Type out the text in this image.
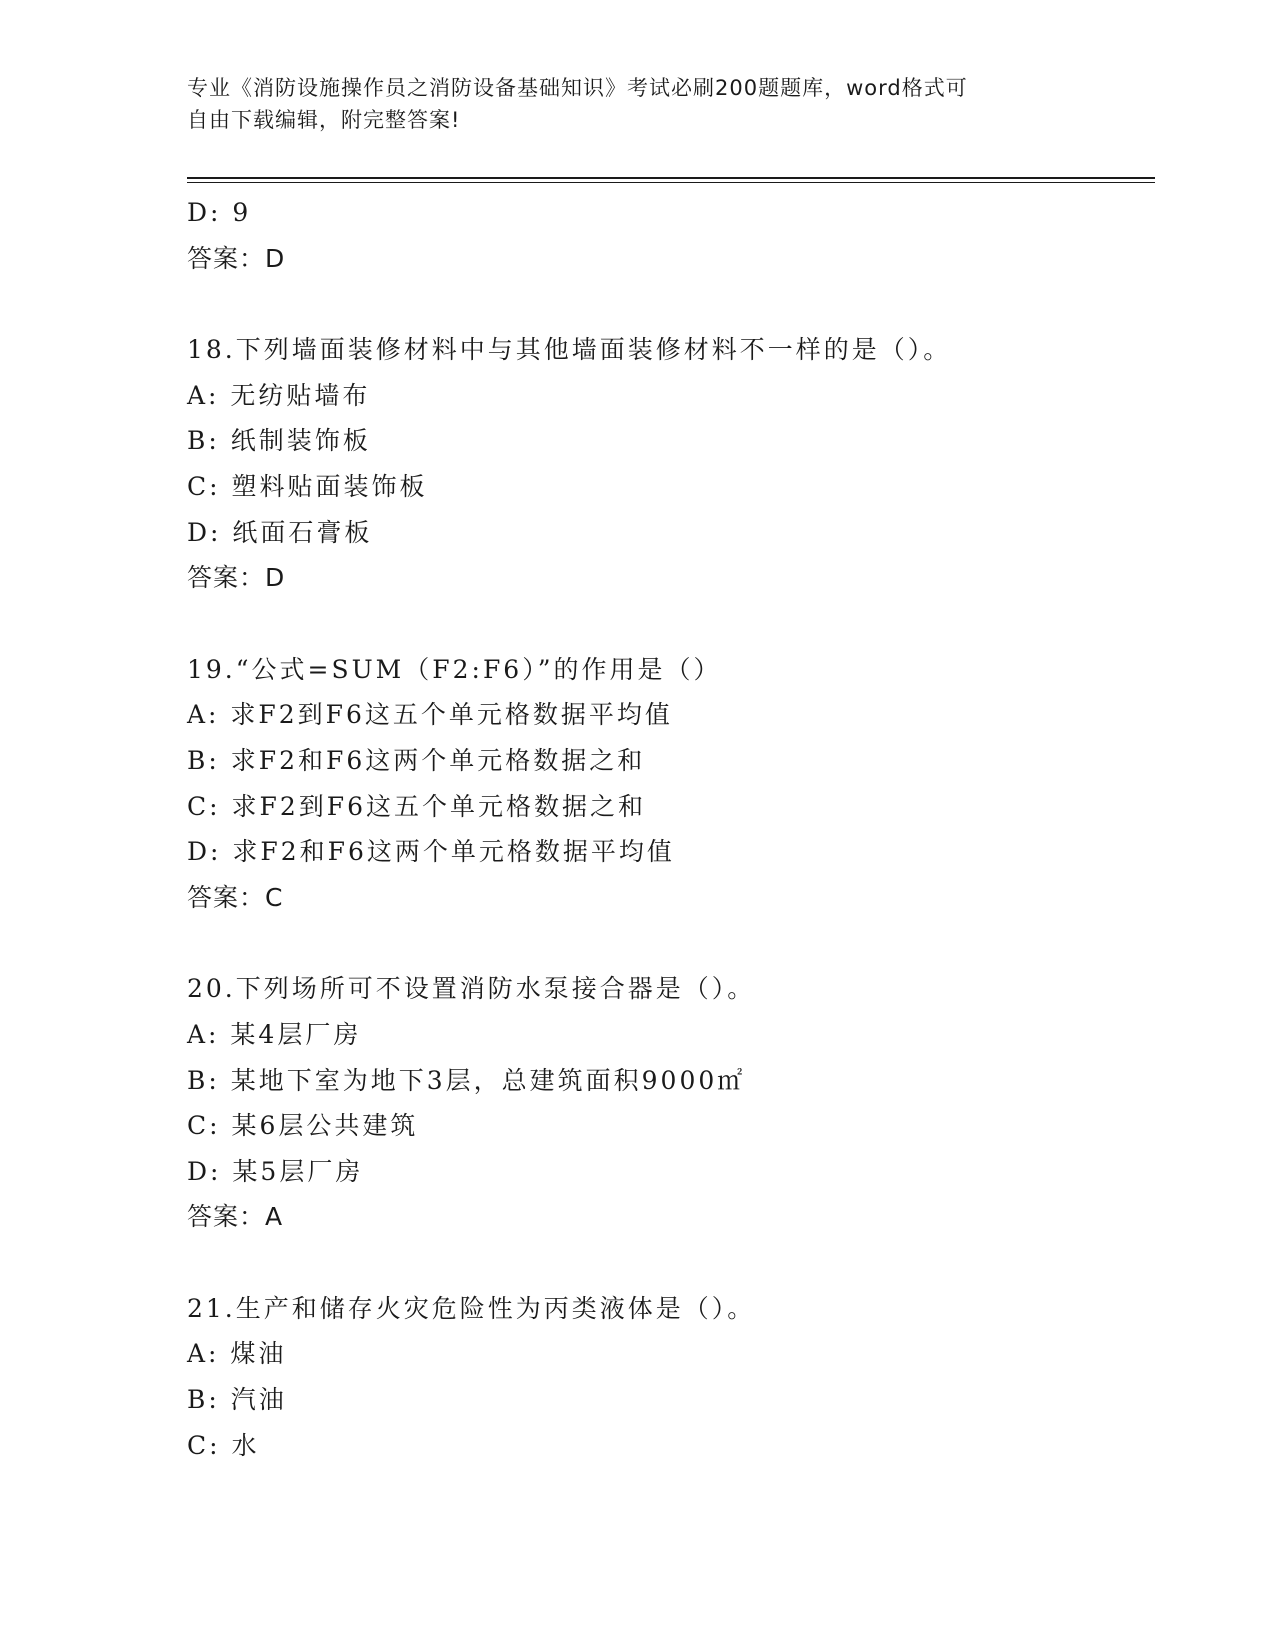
专业《消防设施操作员之消防设备基础知识》考试必刷200题题库，word格式可
自由下载编辑，附完整答案!
D: 9
答案：D
18.下列墙面装修材料中与其他墙面装修材料不一样的是（）。
A: 无纺贴墙布
B: 纸制装饰板
C: 塑料贴面装饰板
D: 纸面石膏板
答案：D
19.“公式=SUM（F2:F6）”的作用是（）
A: 求F2到F6这五个单元格数据平均值
B: 求F2和F6这两个单元格数据之和
C: 求F2到F6这五个单元格数据之和
D: 求F2和F6这两个单元格数据平均值
答案：C
20.下列场所可不设置消防水泵接合器是（）。
A: 某4层厂房
B: 某地下室为地下3层，总建筑面积9000㎡
C: 某6层公共建筑
D: 某5层厂房
答案：A
21.生产和储存火灾危险性为丙类液体是（）。
A: 煤油
B: 汽油
C: 水
